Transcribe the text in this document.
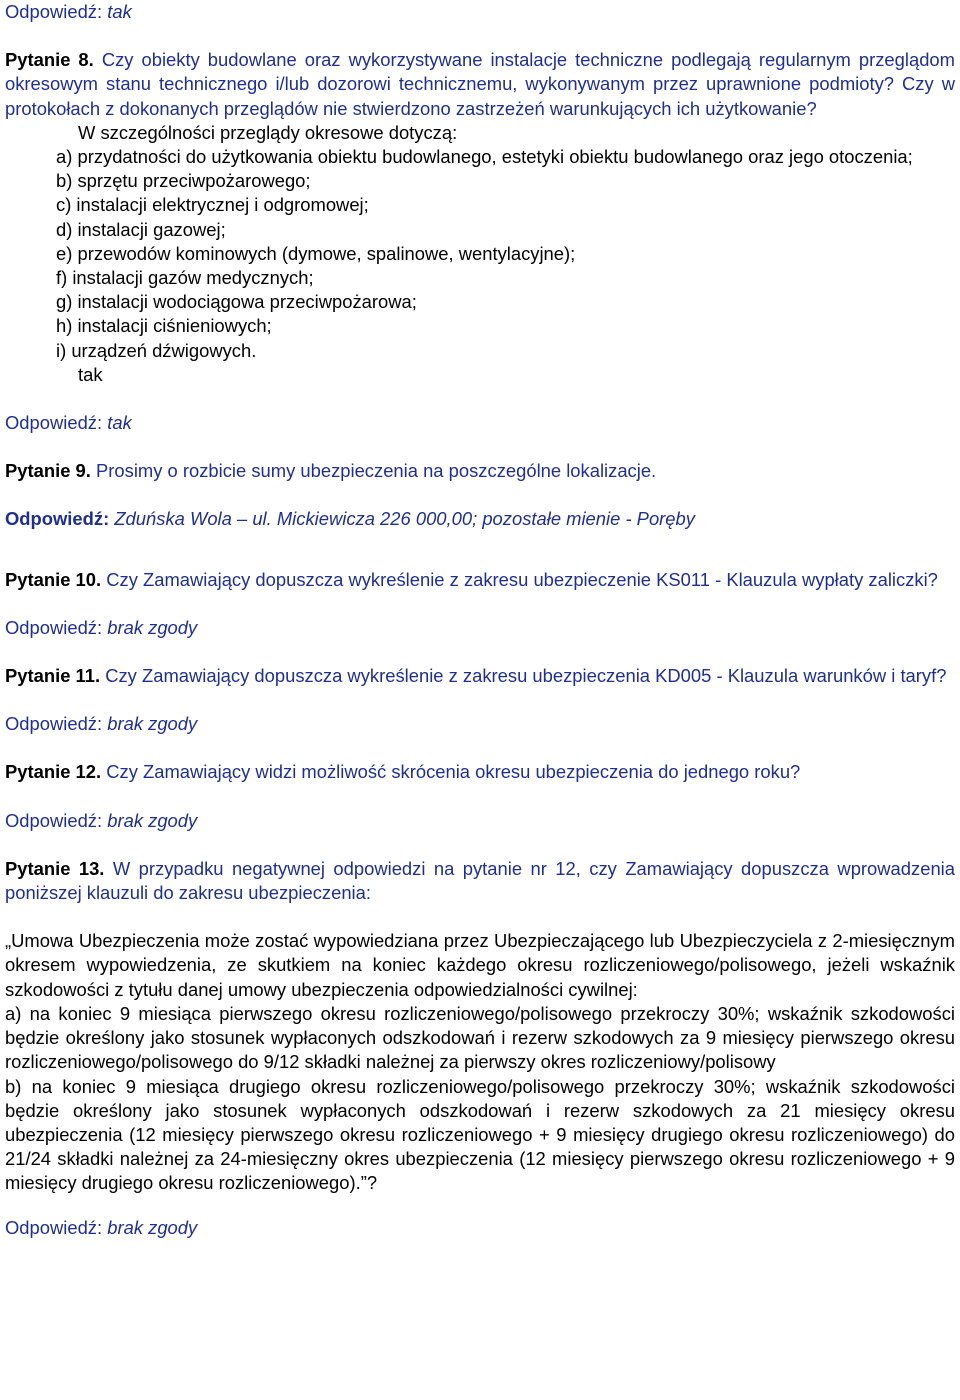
Odpowiedź: tak

Pytanie 8. Czy obiekty budowlane oraz wykorzystywane instalacje techniczne podlegają regularnym przeglądom okresowym stanu technicznego i/lub dozorowi technicznemu, wykonywanym przez uprawnione podmioty? Czy w protokołach z dokonanych przeglądów nie stwierdzono zastrzeżeń warunkujących ich użytkowanie?

W szczególności przeglądy okresowe dotyczą:

a) przydatności do użytkowania obiektu budowlanego, estetyki obiektu budowlanego oraz jego otoczenia;
b) sprzętu przeciwpożarowego;
c) instalacji elektrycznej i odgromowej;
d) instalacji gazowej;
e) przewodów kominowych (dymowe, spalinowe, wentylacyjne);
f) instalacji gazów medycznych;
g) instalacji wodociągowa przeciwpożarowa;
h) instalacji ciśnieniowych;
i) urządzeń dźwigowych.

tak

Odpowiedź: tak

Pytanie 9. Prosimy o rozbicie sumy ubezpieczenia na poszczególne lokalizacje.

Odpowiedź: Zduńska Wola – ul. Mickiewicza 226 000,00; pozostałe mienie - Poręby

Pytanie 10. Czy Zamawiający dopuszcza wykreślenie z zakresu ubezpieczenie KS011 - Klauzula wypłaty zaliczki?

Odpowiedź: brak zgody

Pytanie 11. Czy Zamawiający dopuszcza wykreślenie z zakresu ubezpieczenia KD005 - Klauzula warunków i taryf?

Odpowiedź: brak zgody

Pytanie 12. Czy Zamawiający widzi możliwość skrócenia okresu ubezpieczenia do jednego roku?

Odpowiedź: brak zgody

Pytanie 13. W przypadku negatywnej odpowiedzi na pytanie nr 12, czy Zamawiający dopuszcza wprowadzenia poniższej klauzuli do zakresu ubezpieczenia:

„Umowa Ubezpieczenia może zostać wypowiedziana przez Ubezpieczającego lub Ubezpieczyciela z 2-miesięcznym okresem wypowiedzenia, ze skutkiem na koniec każdego okresu rozliczeniowego/polisowego, jeżeli wskaźnik szkodowości z tytułu danej umowy ubezpieczenia odpowiedzialności cywilnej:

a) na koniec 9 miesiąca pierwszego okresu rozliczeniowego/polisowego przekroczy 30%; wskaźnik szkodowości będzie określony jako stosunek wypłaconych odszkodowań i rezerw szkodowych za 9 miesięcy pierwszego okresu rozliczeniowego/polisowego do 9/12 składki należnej za pierwszy okres rozliczeniowy/polisowy

b) na koniec 9 miesiąca drugiego okresu rozliczeniowego/polisowego przekroczy 30%; wskaźnik szkodowości będzie określony jako stosunek wypłaconych odszkodowań i rezerw szkodowych za 21 miesięcy okresu ubezpieczenia (12 miesięcy pierwszego okresu rozliczeniowego + 9 miesięcy drugiego okresu rozliczeniowego) do 21/24 składki należnej za 24-miesięczny okres ubezpieczenia (12 miesięcy pierwszego okresu rozliczeniowego + 9 miesięcy drugiego okresu rozliczeniowego).”?

Odpowiedź: brak zgody
